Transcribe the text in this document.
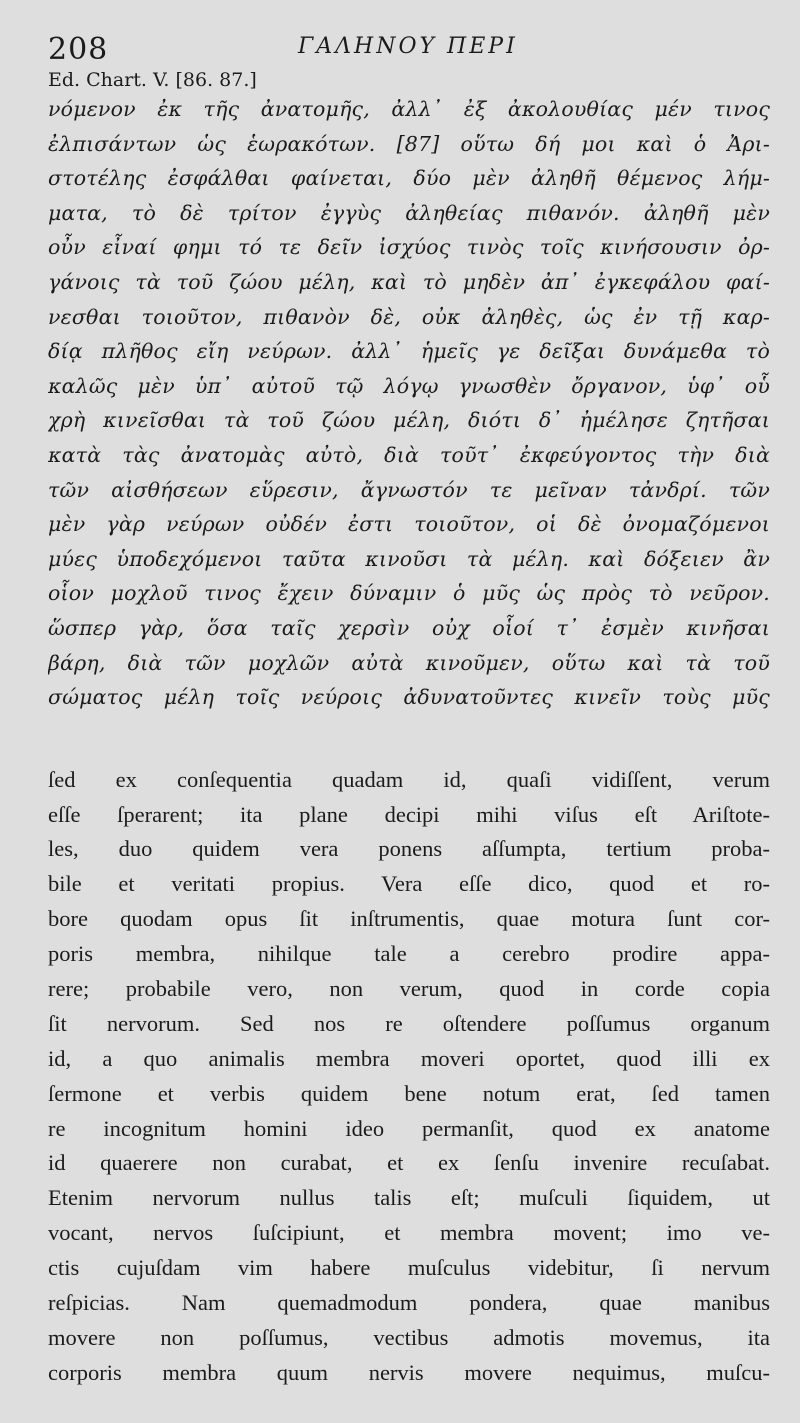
208	ΓΑΛΗΝΟΥ ΠΕΡΙ
Ed. Chart. V. [86. 87.]
νόμενον ἐκ τῆς ἀνατομῆς, ἀλλ᾿ ἐξ ἀκολουθίας μέν τινος
ἐλπισάντων ὡς ἑωρακότων. [87] οὕτω δή μοι καὶ ὁ Ἀρι-
στοτέλης ἐσφάλθαι φαίνεται, δύο μὲν ἀληθῆ θέμενος λήμ-
ματα, τὸ δὲ τρίτον ἐγγὺς ἀληθείας πιθανόν. ἀληθῆ μὲν
οὖν εἶναί φημι τό τε δεῖν ἰσχύος τινὸς τοῖς κινήσουσιν ὀρ-
γάνοις τὰ τοῦ ζώου μέλη, καὶ τὸ μηδὲν ἀπ᾿ ἐγκεφάλου φαί-
νεσθαι τοιοῦτον, πιθανὸν δὲ, οὐκ ἀληθὲς, ὡς ἐν τῇ καρ-
δίᾳ πλῆθος εἴη νεύρων. ἀλλ᾿ ἡμεῖς γε δεῖξαι δυνάμεθα τὸ
καλῶς μὲν ὑπ᾿ αὐτοῦ τῷ λόγῳ γνωσθὲν ὄργανον, ὑφ᾿ οὗ
χρὴ κινεῖσθαι τὰ τοῦ ζώου μέλη, διότι δ᾿ ἠμέλησε ζητῆσαι
κατὰ τὰς ἀνατομὰς αὐτὸ, διὰ τοῦτ᾿ ἐκφεύγοντος τὴν διὰ
τῶν αἰσθήσεων εὕρεσιν, ἄγνωστόν τε μεῖναν τἀνδρί. τῶν
μὲν γὰρ νεύρων οὐδέν ἐστι τοιοῦτον, οἱ δὲ ὀνομαζόμενοι
μύες ὑποδεχόμενοι ταῦτα κινοῦσι τὰ μέλη. καὶ δόξειεν ἂν
οἷον μοχλοῦ τινος ἔχειν δύναμιν ὁ μῦς ὡς πρὸς τὸ νεῦρον.
ὥσπερ γὰρ, ὅσα ταῖς χερσὶν οὐχ οἷοί τ᾿ ἐσμὲν κινῆσαι
βάρη, διὰ τῶν μοχλῶν αὐτὰ κινοῦμεν, οὕτω καὶ τὰ τοῦ
σώματος μέλη τοῖς νεύροις ἀδυνατοῦντες κινεῖν τοὺς μῦς
ſed ex conſequentia quadam id, quaſi vidiſſent, verum
eſſe ſperarent; ita plane decipi mihi viſus eſt Ariſtote-
les, duo quidem vera ponens aſſumpta, tertium proba-
bile et veritati propius. Vera eſſe dico, quod et ro-
bore quodam opus ſit inſtrumentis, quae motura ſunt cor-
poris membra, nihilque tale a cerebro prodire appa-
rere; probabile vero, non verum, quod in corde copia
ſit nervorum. Sed nos re oſtendere poſſumus organum
id, a quo animalis membra moveri oportet, quod illi ex
ſermone et verbis quidem bene notum erat, ſed tamen
re incognitum homini ideo permanſit, quod ex anatome
id quaerere non curabat, et ex ſenſu invenire recuſabat.
Etenim nervorum nullus talis eſt; muſculi ſiquidem, ut
vocant, nervos ſuſcipiunt, et membra movent; imo ve-
ctis cujuſdam vim habere muſculus videbitur, ſi nervum
reſpicias. Nam quemadmodum pondera, quae manibus
movere non poſſumus, vectibus admotis movemus, ita
corporis membra quum nervis movere nequimus, muſcu-
